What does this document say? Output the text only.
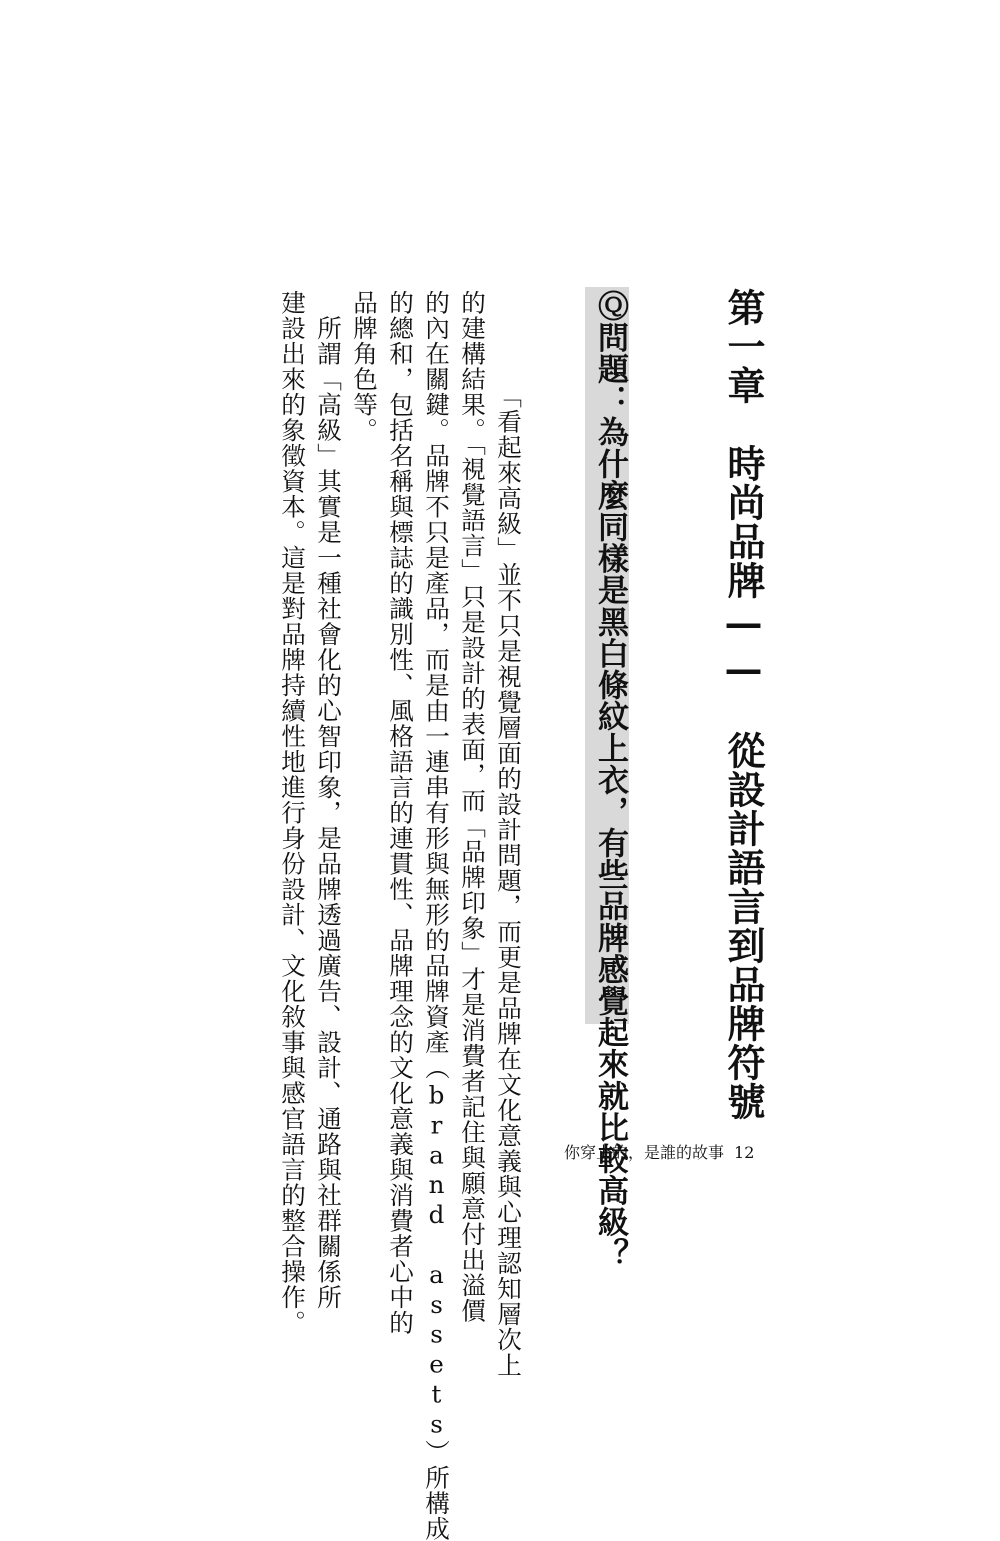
第一章　時尚品牌——　從設計語言到品牌符號
Ⓠ問題：為什麼同樣是黑白條紋上衣，有些品牌感覺起來就比較高級？
　「看起來高級」並不只是視覺層面的設計問題，而更是品牌在文化意義與心理認知層次上
的建構結果。「視覺語言」只是設計的表面，而「品牌印象」才是消費者記住與願意付出溢價
的內在關鍵。品牌不只是產品，而是由一連串有形與無形的品牌資產（brand assets）所構成
的總和，包括名稱與標誌的識別性、風格語言的連貫性、品牌理念的文化意義與消費者心中的
品牌角色等。
　所謂「高級」其實是一種社會化的心智印象，是品牌透過廣告、設計、通路與社群關係所
建設出來的象徵資本。這是對品牌持續性地進行身份設計、文化敘事與感官語言的整合操作。	你穿上的，是誰的故事 12
